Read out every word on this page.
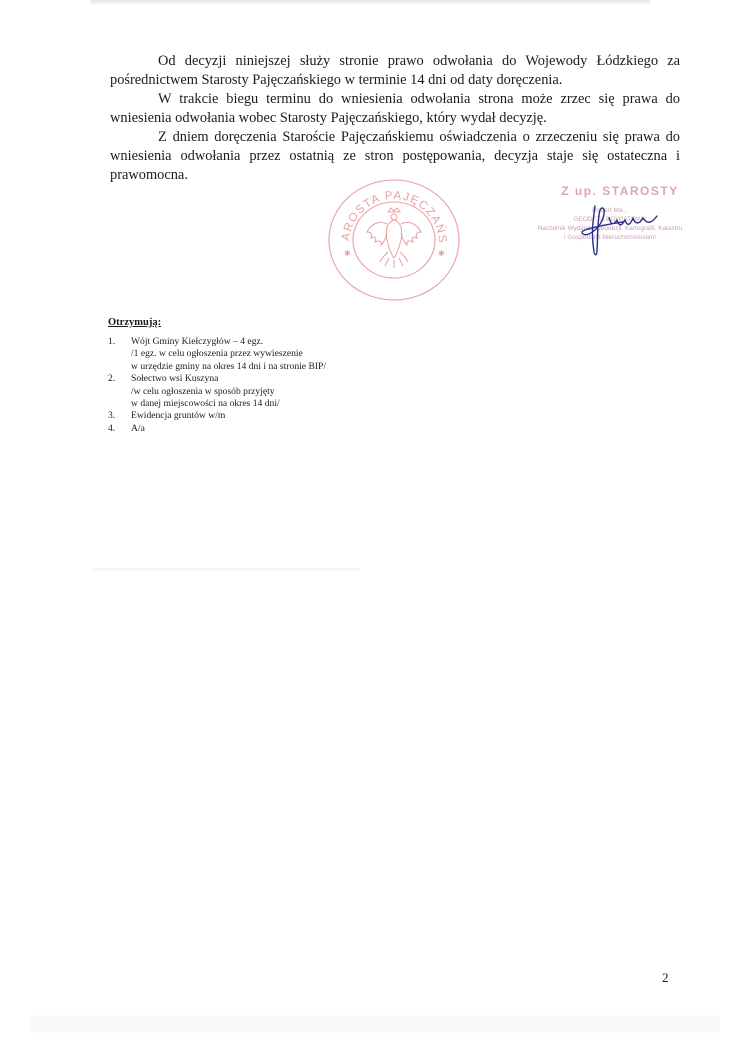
Od decyzji niniejszej służy stronie prawo odwołania do Wojewody Łódzkiego za pośrednictwem Starosty Pajęczańskiego w terminie 14 dni od daty doręczenia.

W trakcie biegu terminu do wniesienia odwołania strona może zrzec się prawa do wniesienia odwołania wobec Starosty Pajęczańskiego, który wydał decyzję.

Z dniem doręczenia Staroście Pajęczańskiemu oświadczenia o zrzeczeniu się prawa do wniesienia odwołania przez ostatnią ze stron postępowania, decyzja staje się ostateczna i prawomocna.

AROSTA PAJĘCZAŃS
✱	✱
Z up. STAROSTY
Robert Ma...
GEODETA POWIATOWY
Naczelnik Wydziału Geodezji, Kartografii, Katastru
i Gospodarki Nieruchomościami
Otrzymują:
1.	Wójt Gminy Kiełczygłów – 4 egz.
/1 egz. w celu ogłoszenia przez wywieszenie
w urzędzie gminy na okres 14 dni i na stronie BIP/
2.	Sołectwo wsi Kuszyna
/w celu ogłoszenia w sposób przyjęty
w danej miejscowości na okres 14 dni/
3.	Ewidencja gruntów w/m
4.	A/a
2
